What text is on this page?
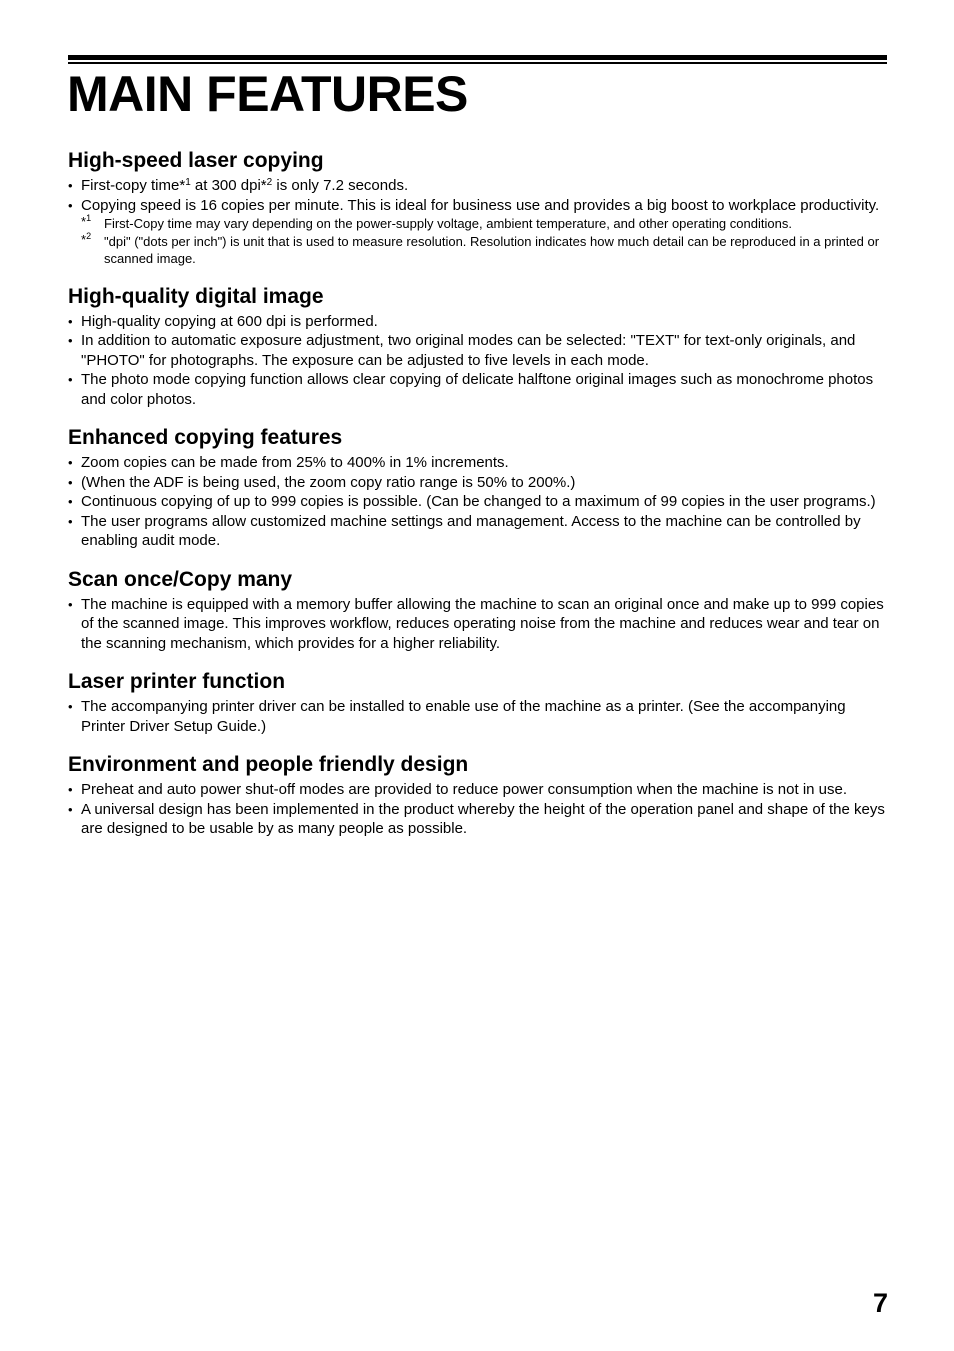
MAIN FEATURES
High-speed laser copying
• First-copy time*$^1$ at 300 dpi*$^2$ is only 7.2 seconds.
• Copying speed is 16 copies per minute. This is ideal for business use and provides a big boost to workplace productivity.
*$^1$ First-Copy time may vary depending on the power-supply voltage, ambient temperature, and other operating conditions.
*$^2$ "dpi" ("dots per inch") is unit that is used to measure resolution. Resolution indicates how much detail can be reproduced in a printed or scanned image.
High-quality digital image
• High-quality copying at 600 dpi is performed.
• In addition to automatic exposure adjustment, two original modes can be selected: "TEXT" for text-only originals, and "PHOTO" for photographs. The exposure can be adjusted to five levels in each mode.
• The photo mode copying function allows clear copying of delicate halftone original images such as monochrome photos and color photos.
Enhanced copying features
• Zoom copies can be made from 25% to 400% in 1% increments.
• (When the ADF is being used, the zoom copy ratio range is 50% to 200%.)
• Continuous copying of up to 999 copies is possible. (Can be changed to a maximum of 99 copies in the user programs.)
• The user programs allow customized machine settings and management. Access to the machine can be controlled by enabling audit mode.
Scan once/Copy many
• The machine is equipped with a memory buffer allowing the machine to scan an original once and make up to 999 copies of the scanned image. This improves workflow, reduces operating noise from the machine and reduces wear and tear on the scanning mechanism, which provides for a higher reliability.
Laser printer function
• The accompanying printer driver can be installed to enable use of the machine as a printer. (See the accompanying Printer Driver Setup Guide.)
Environment and people friendly design
• Preheat and auto power shut-off modes are provided to reduce power consumption when the machine is not in use.
• A universal design has been implemented in the product whereby the height of the operation panel and shape of the keys are designed to be usable by as many people as possible.
7
